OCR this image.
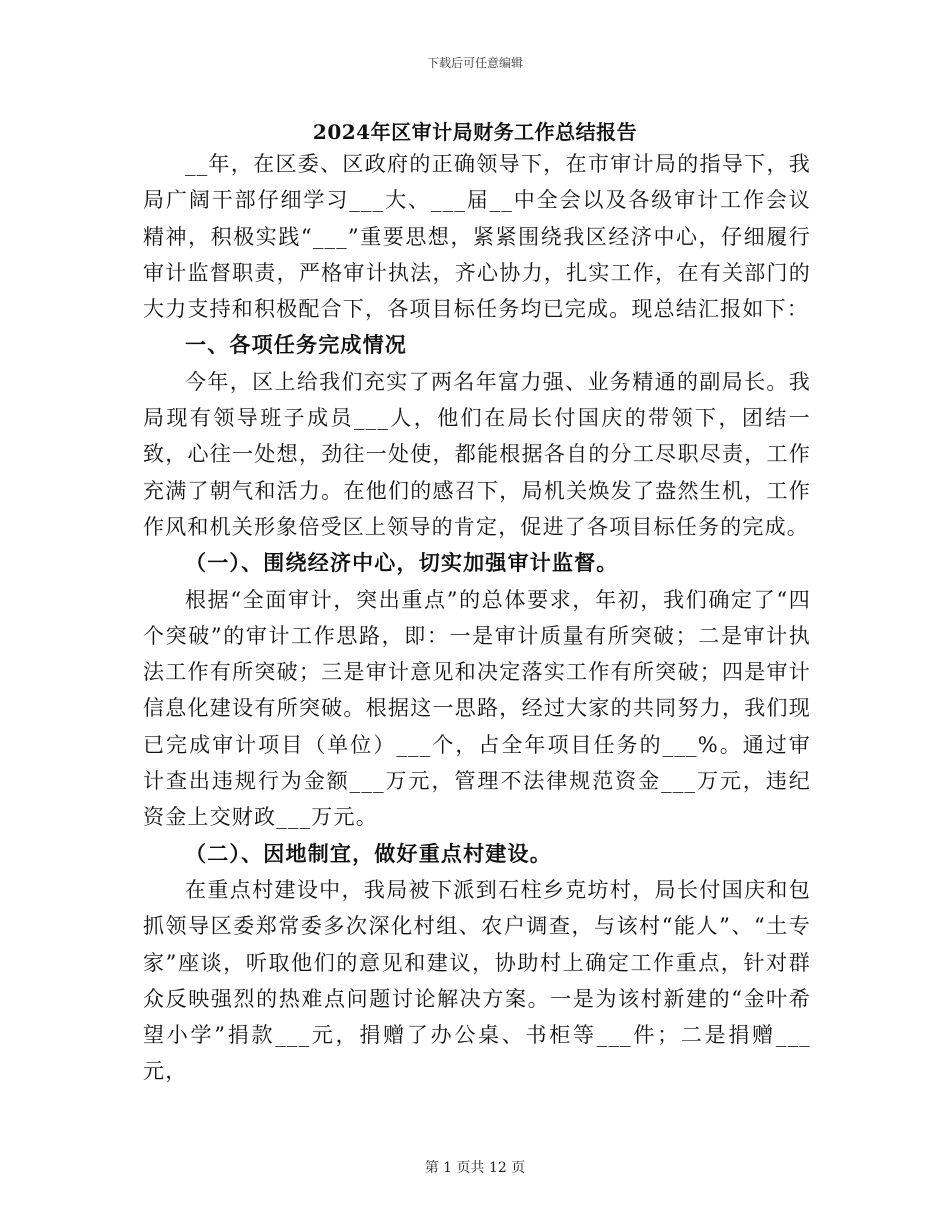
下载后可任意编辑
2024年区审计局财务工作总结报告

__年，在区委、区政府的正确领导下，在市审计局的指导下，我局广阔干部仔细学习___大、___届__中全会以及各级审计工作会议精神，积极实践“___”重要思想，紧紧围绕我区经济中心，仔细履行审计监督职责，严格审计执法，齐心协力，扎实工作，在有关部门的大力支持和积极配合下，各项目标任务均已完成。现总结汇报如下：

一、各项任务完成情况

今年，区上给我们充实了两名年富力强、业务精通的副局长。我局现有领导班子成员___人，他们在局长付国庆的带领下，团结一致，心往一处想，劲往一处使，都能根据各自的分工尽职尽责，工作充满了朝气和活力。在他们的感召下，局机关焕发了盎然生机，工作作风和机关形象倍受区上领导的肯定，促进了各项目标任务的完成。

（一）、围绕经济中心，切实加强审计监督。

根据“全面审计，突出重点”的总体要求，年初，我们确定了“四个突破”的审计工作思路，即：一是审计质量有所突破；二是审计执法工作有所突破；三是审计意见和决定落实工作有所突破；四是审计信息化建设有所突破。根据这一思路，经过大家的共同努力，我们现已完成审计项目（单位）___个，占全年项目任务的___%。通过审计查出违规行为金额___万元，管理不法律规范资金___万元，违纪资金上交财政___万元。

（二）、因地制宜，做好重点村建设。

在重点村建设中，我局被下派到石柱乡克坊村，局长付国庆和包抓领导区委郑常委多次深化村组、农户调查，与该村“能人”、“土专家”座谈，听取他们的意见和建议，协助村上确定工作重点，针对群众反映强烈的热难点问题讨论解决方案。一是为该村新建的“金叶希望小学”捐款___元，捐赠了办公桌、书柜等___件；二是捐赠___元，

第 1 页共 12 页
